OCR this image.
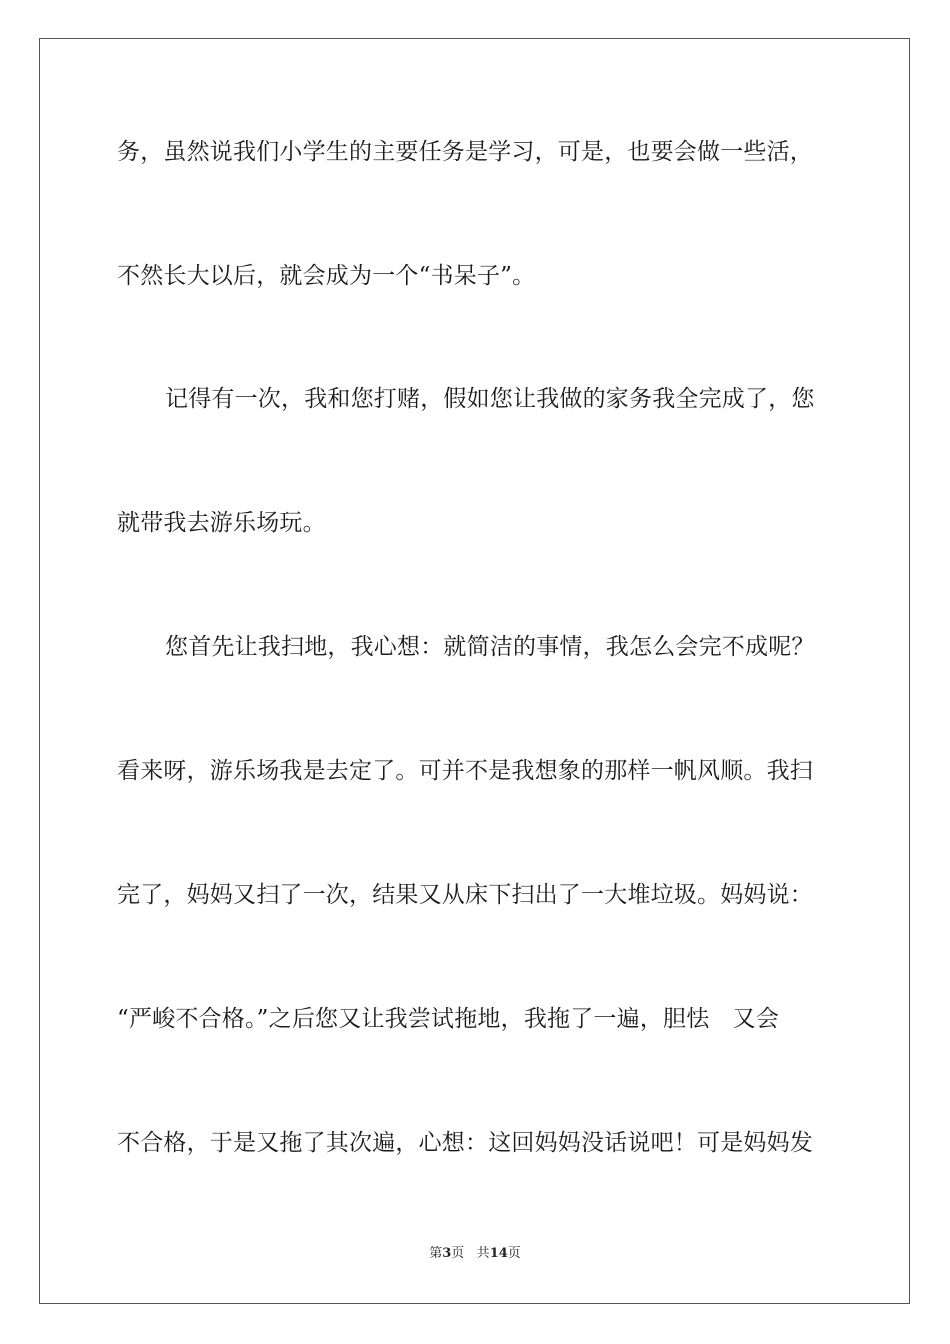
务，虽然说我们小学生的主要任务是学习，可是，也要会做一些活，
不然长大以后，就会成为一个“书呆子”。
记得有一次，我和您打赌，假如您让我做的家务我全完成了，您
就带我去游乐场玩。
您首先让我扫地，我心想：就简洁的事情，我怎么会完不成呢？
看来呀，游乐场我是去定了。可并不是我想象的那样一帆风顺。我扫
完了，妈妈又扫了一次，结果又从床下扫出了一大堆垃圾。妈妈说：
“严峻不合格。”之后您又让我尝试拖地，我拖了一遍，胆怯　又会
不合格，于是又拖了其次遍，心想：这回妈妈没话说吧！可是妈妈发
第3页 共14页
